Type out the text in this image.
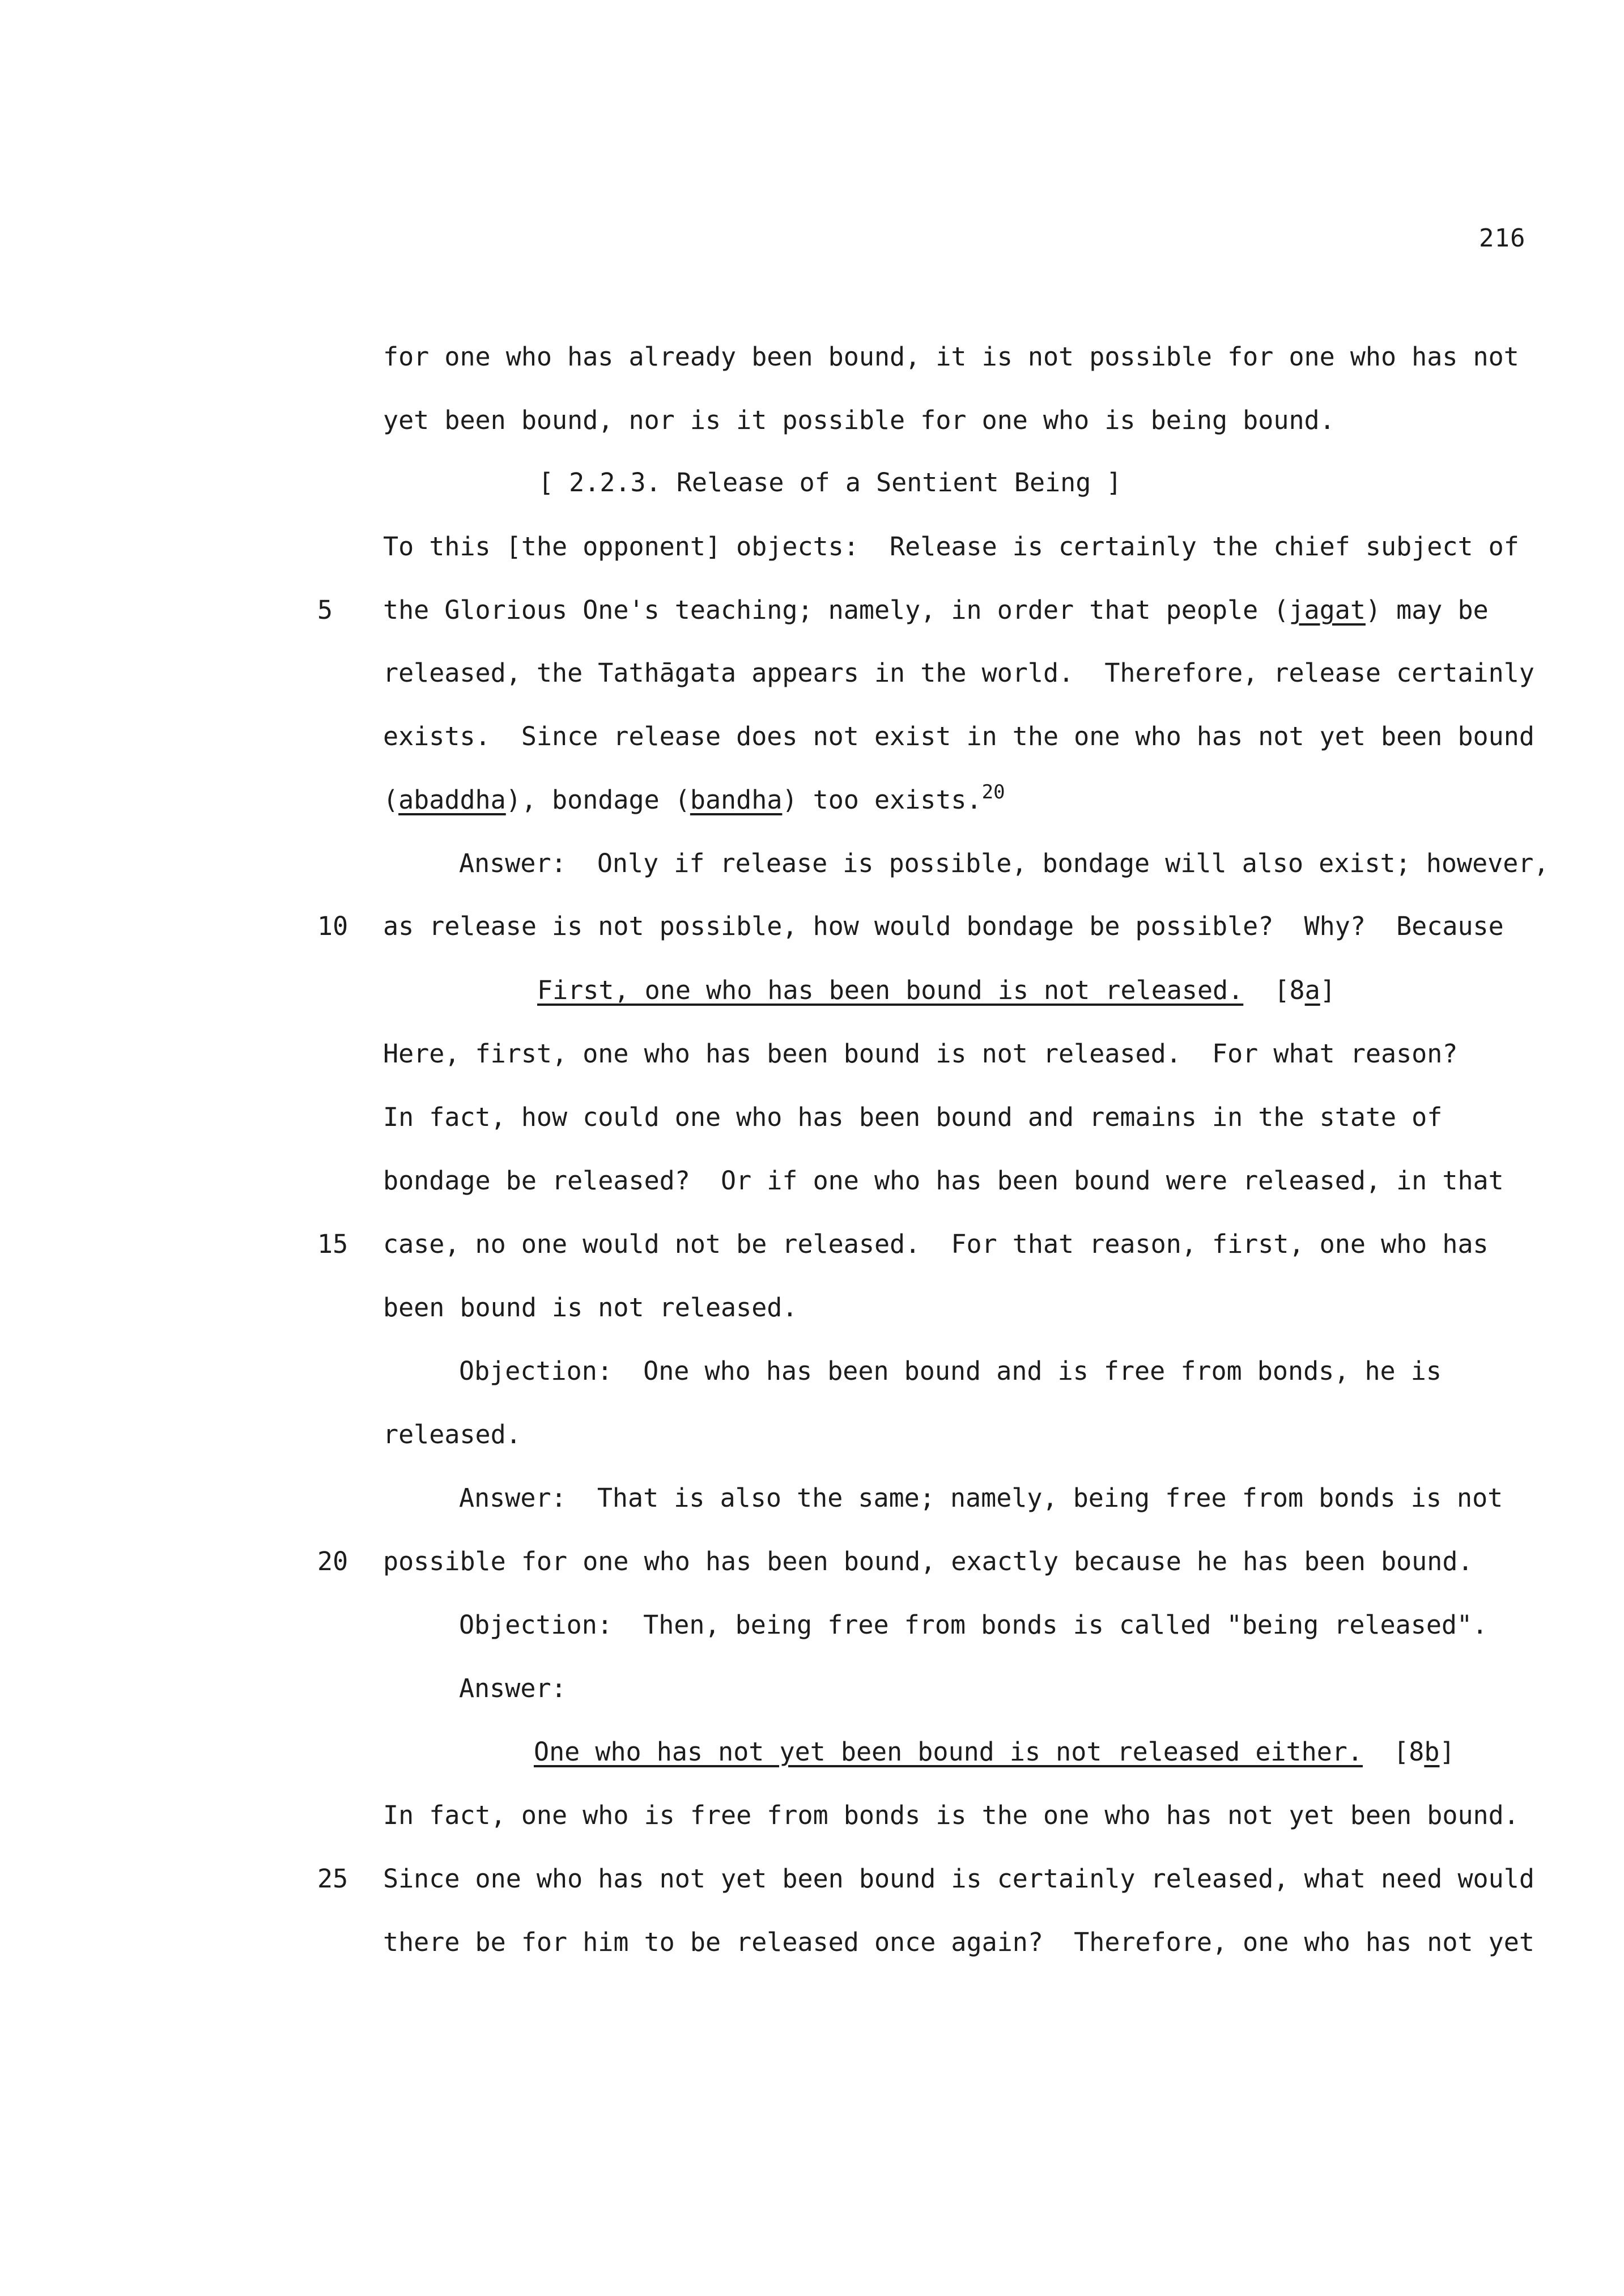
216
for one who has already been bound, it is not possible for one who has not
yet been bound, nor is it possible for one who is being bound.
[ 2.2.3. Release of a Sentient Being ]
To this [the opponent] objects:  Release is certainly the chief subject of
5 the Glorious One's teaching; namely, in order that people (jagat) may be
released, the Tathāgata appears in the world.  Therefore, release certainly
exists.  Since release does not exist in the one who has not yet been bound
(abaddha), bondage (bandha) too exists.$^{20}$
Answer:  Only if release is possible, bondage will also exist; however,
10 as release is not possible, how would bondage be possible?  Why?  Because
First, one who has been bound is not released. [8a]
Here, first, one who has been bound is not released.  For what reason?
In fact, how could one who has been bound and remains in the state of
bondage be released?  Or if one who has been bound were released, in that
15 case, no one would not be released.  For that reason, first, one who has
been bound is not released.
Objection:  One who has been bound and is free from bonds, he is
released.
Answer:  That is also the same; namely, being free from bonds is not
20 possible for one who has been bound, exactly because he has been bound.
Objection:  Then, being free from bonds is called "being released".
Answer:
One who has not yet been bound is not released either. [8b]
In fact, one who is free from bonds is the one who has not yet been bound.
25 Since one who has not yet been bound is certainly released, what need would
there be for him to be released once again?  Therefore, one who has not yet
